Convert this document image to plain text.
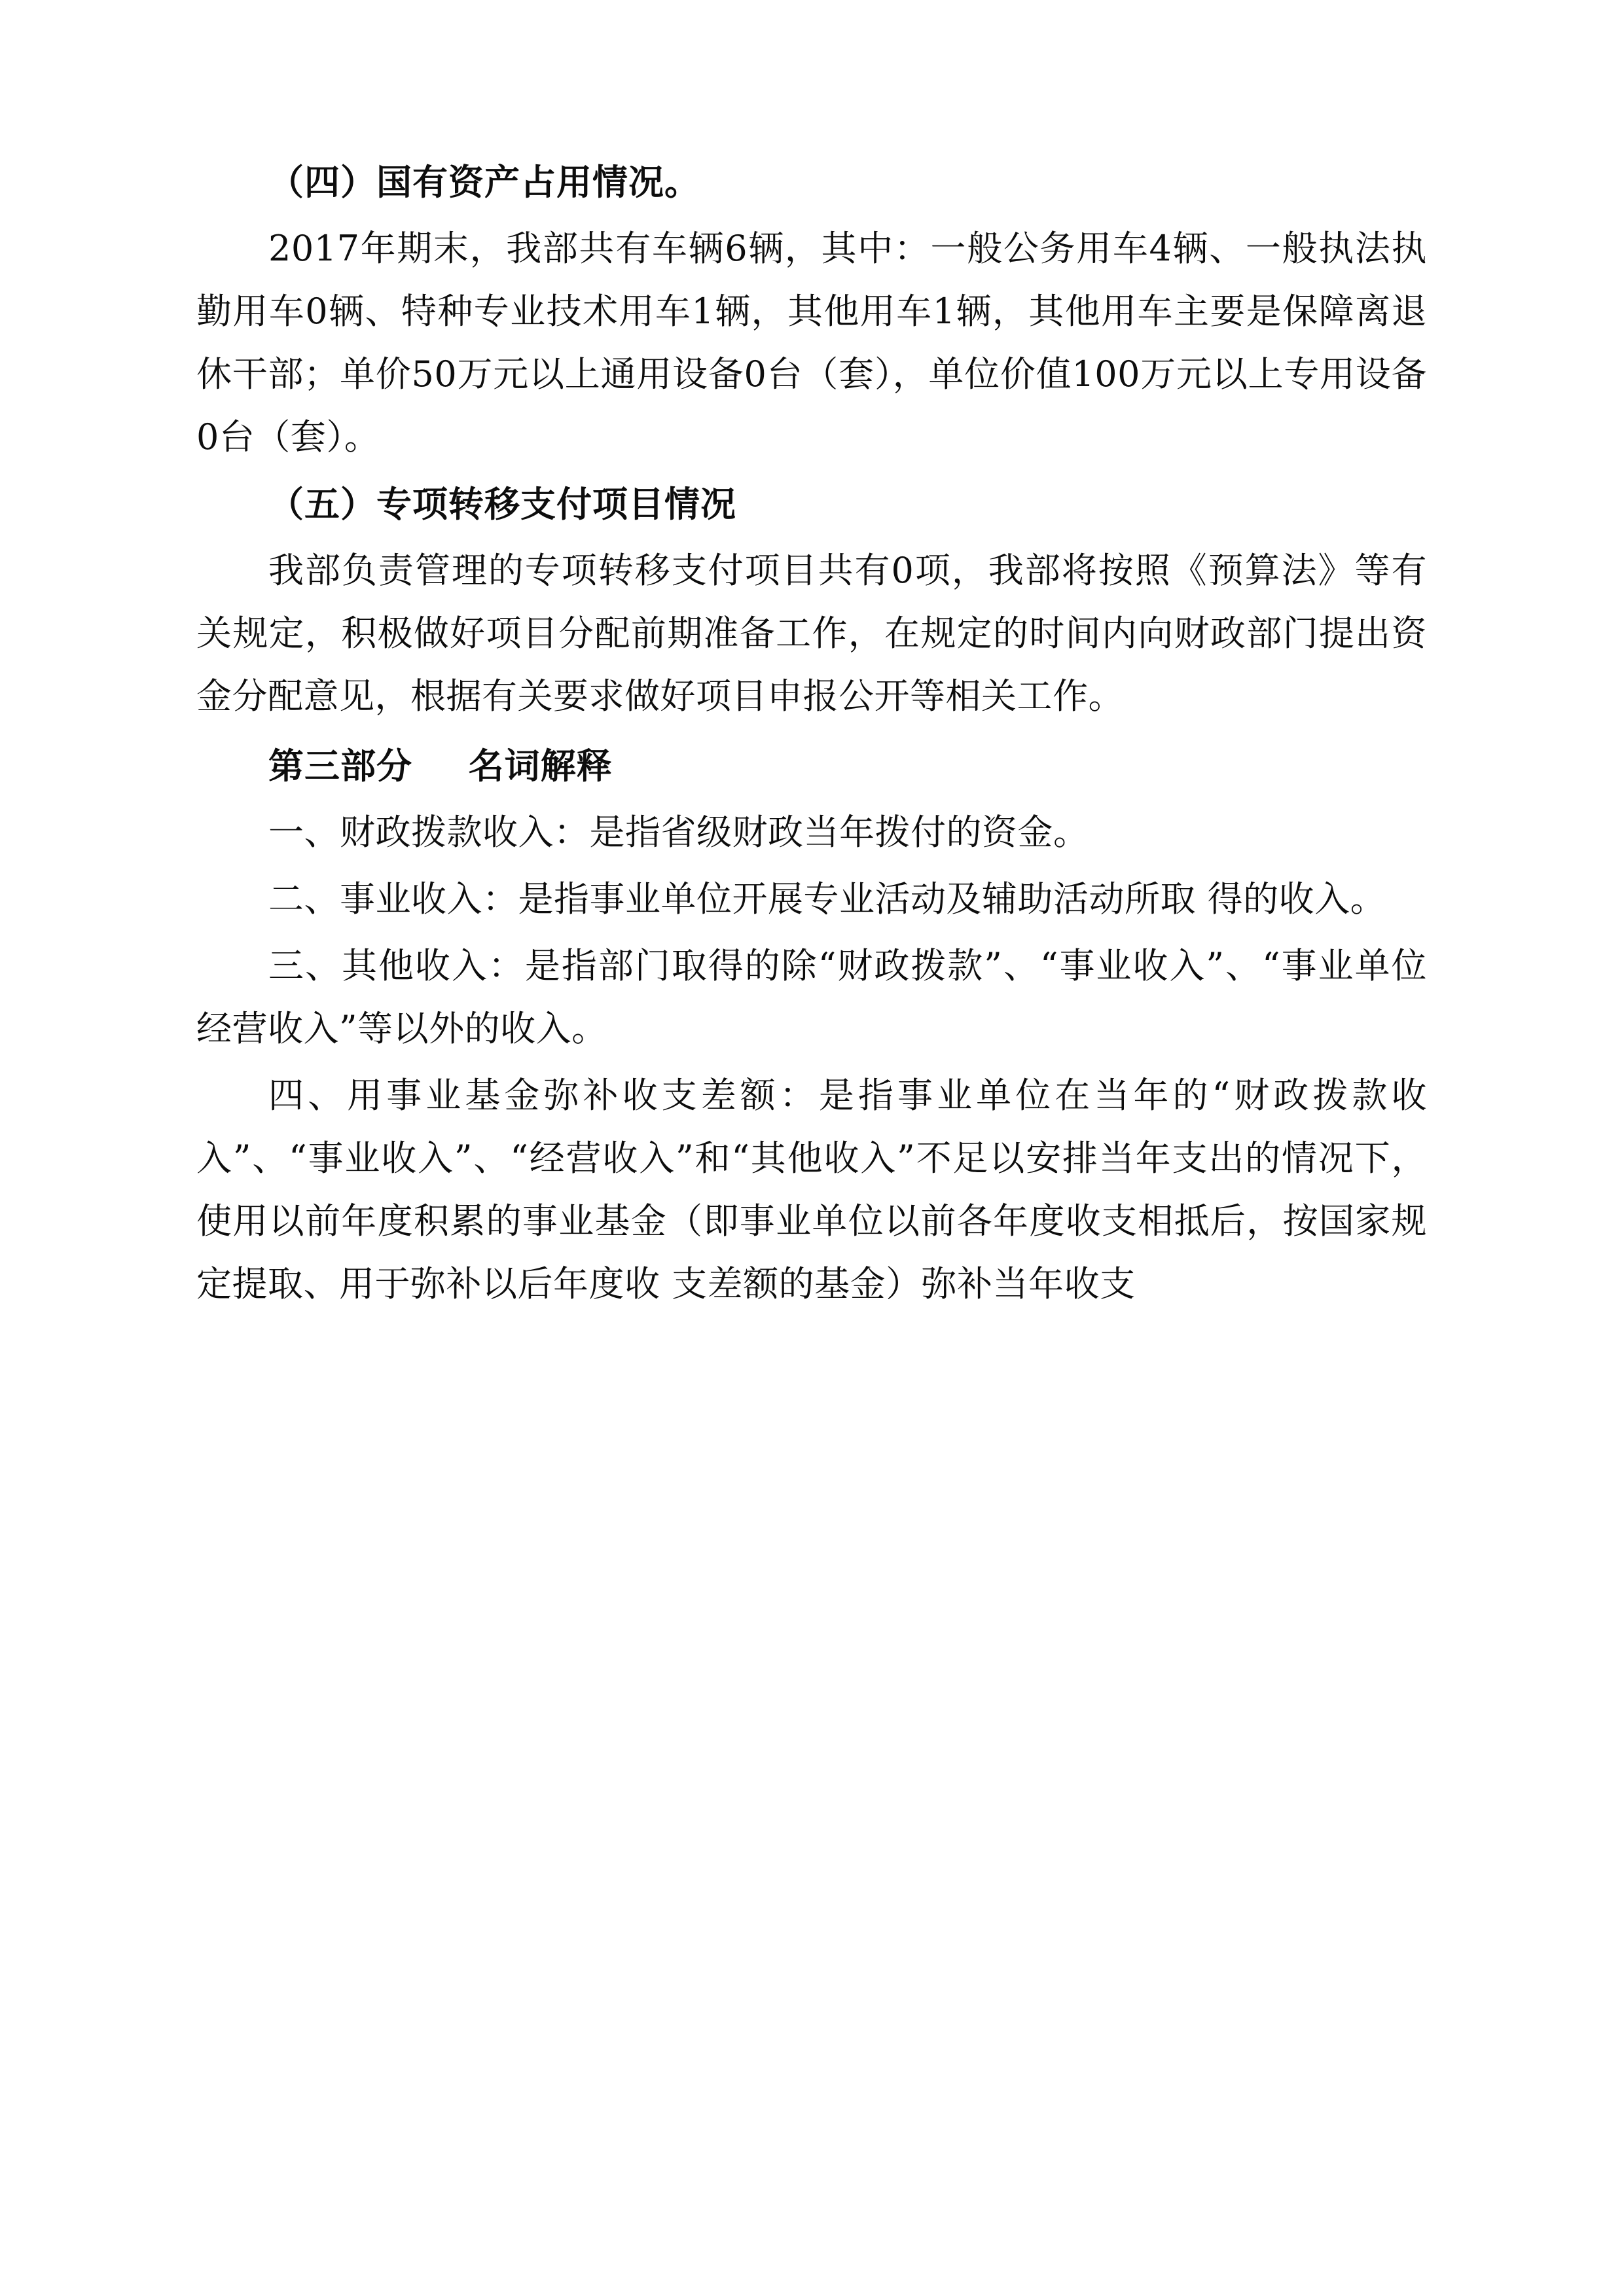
（四）国有资产占用情况。

2017年期末，我部共有车辆6辆，其中：一般公务用车4辆、一般执法执勤用车0辆、特种专业技术用车1辆，其他用车1辆，其他用车主要是保障离退休干部；单价50万元以上通用设备0台（套），单位价值100万元以上专用设备0台（套）。

（五）专项转移支付项目情况

我部负责管理的专项转移支付项目共有0项，我部将按照《预算法》等有关规定，积极做好项目分配前期准备工作，在规定的时间内向财政部门提出资金分配意见，根据有关要求做好项目申报公开等相关工作。

第三部分 名词解释

一、财政拨款收入：是指省级财政当年拨付的资金。

二、事业收入：是指事业单位开展专业活动及辅助活动所取 得的收入。

三、其他收入：是指部门取得的除“财政拨款”、“事业收入”、“事业单位经营收入”等以外的收入。

四、用事业基金弥补收支差额：是指事业单位在当年的“财政拨款收入”、“事业收入”、“经营收入”和“其他收入”不足以安排当年支出的情况下，使用以前年度积累的事业基金（即事业单位以前各年度收支相抵后，按国家规定提取、用于弥补以后年度收 支差额的基金）弥补当年收支
